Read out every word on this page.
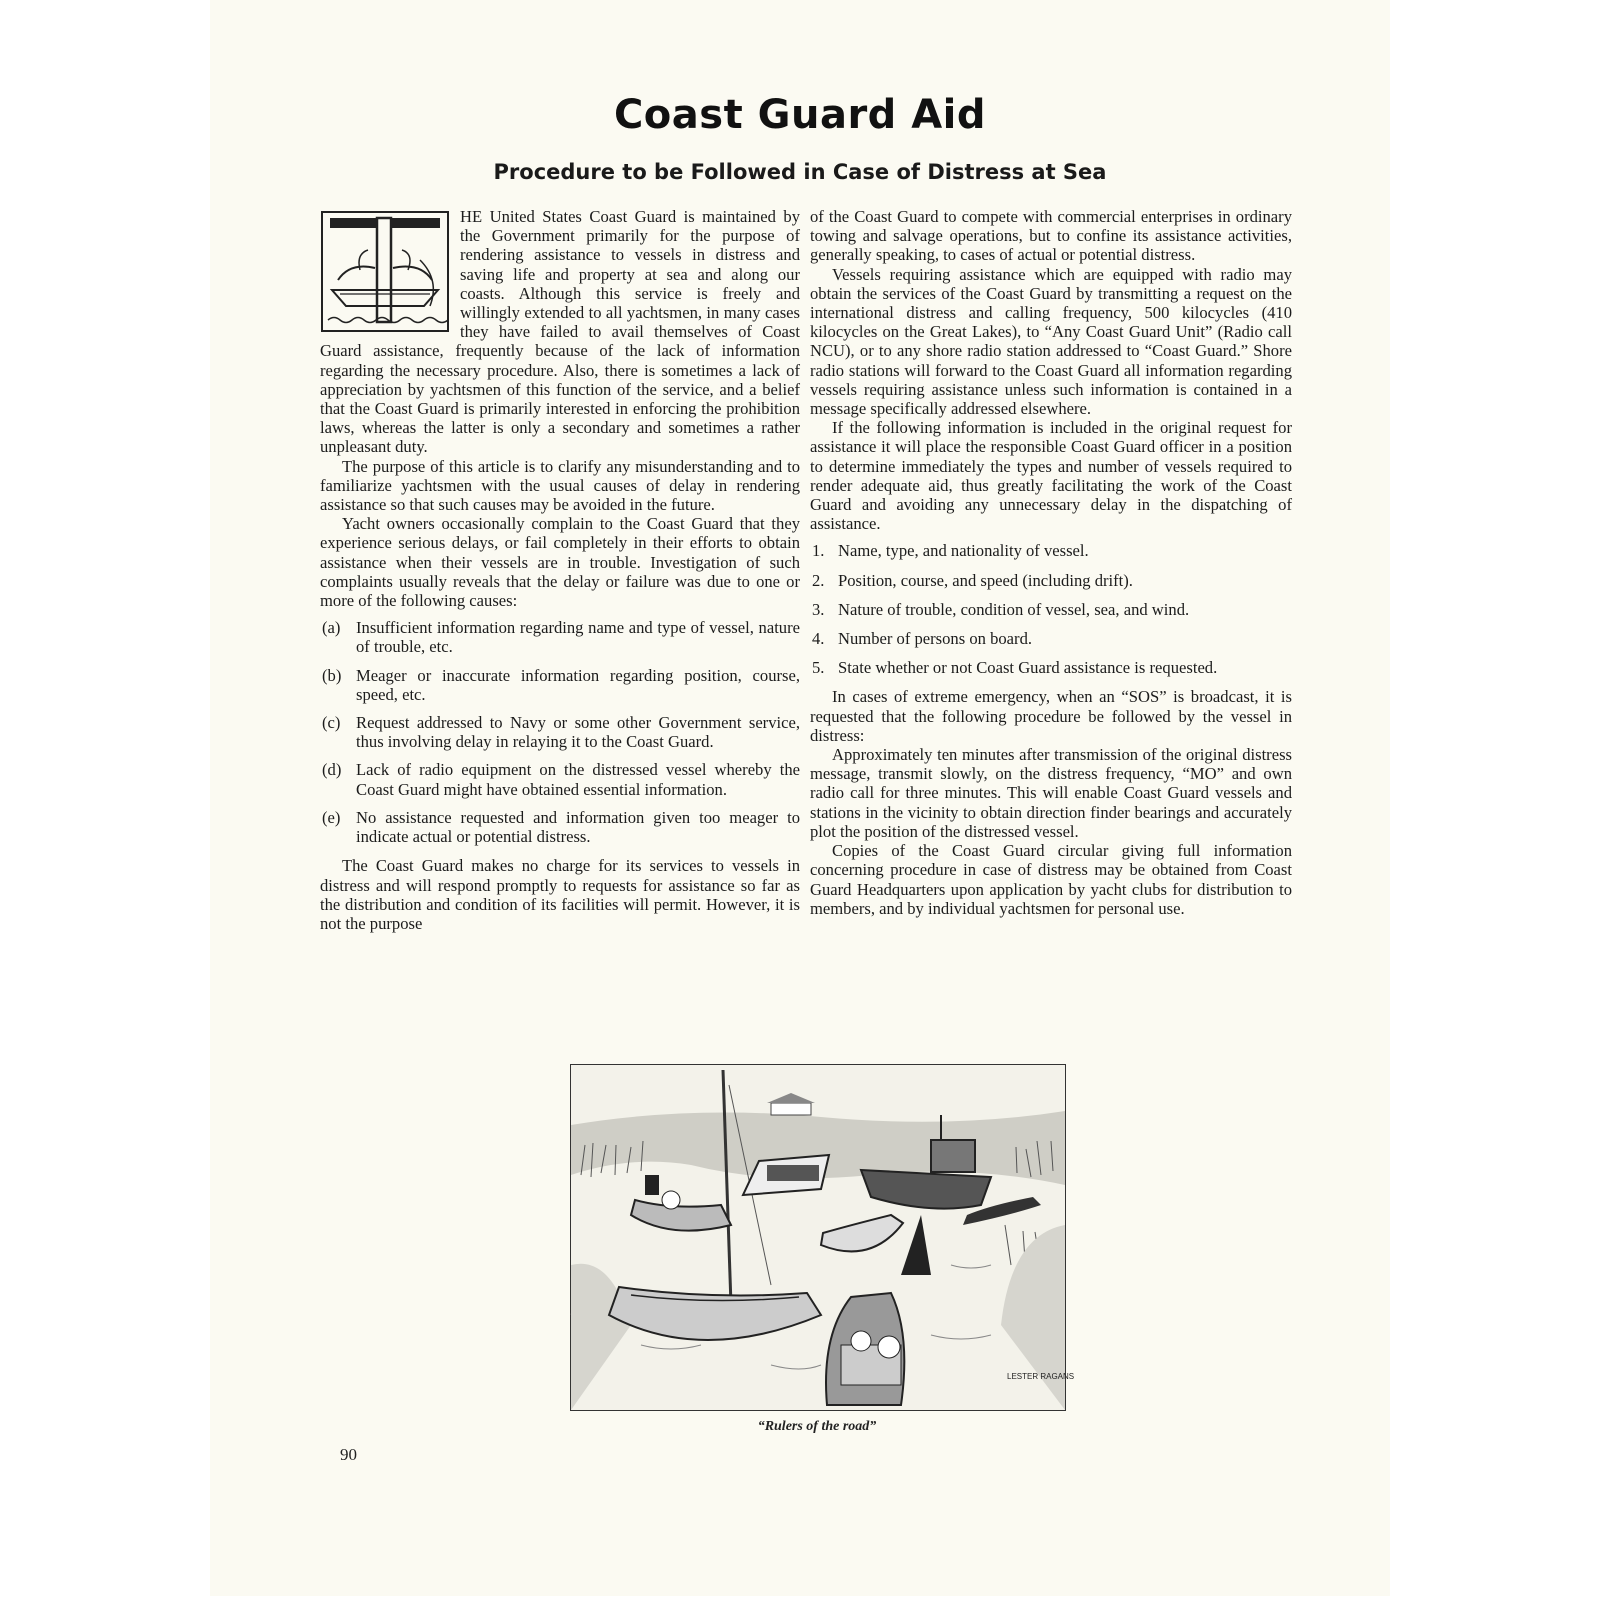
Coast Guard Aid
Procedure to be Followed in Case of Distress at Sea

HE United States Coast Guard is maintained by the Government primarily for the purpose of rendering assistance to vessels in distress and saving life and property at sea and along our coasts. Although this service is freely and willingly extended to all yachtsmen, in many cases they have failed to avail themselves of Coast Guard assistance, frequently because of the lack of information regarding the necessary procedure. Also, there is sometimes a lack of appreciation by yachtsmen of this function of the service, and a belief that the Coast Guard is primarily interested in enforcing the prohibition laws, whereas the latter is only a secondary and sometimes a rather unpleasant duty.

The purpose of this article is to clarify any misunderstanding and to familiarize yachtsmen with the usual causes of delay in rendering assistance so that such causes may be avoided in the future.

Yacht owners occasionally complain to the Coast Guard that they experience serious delays, or fail completely in their efforts to obtain assistance when their vessels are in trouble. Investigation of such complaints usually reveals that the delay or failure was due to one or more of the following causes:

(a) Insufficient information regarding name and type of vessel, nature of trouble, etc.
(b) Meager or inaccurate information regarding position, course, speed, etc.
(c) Request addressed to Navy or some other Government service, thus involving delay in relaying it to the Coast Guard.
(d) Lack of radio equipment on the distressed vessel whereby the Coast Guard might have obtained essential information.
(e) No assistance requested and information given too meager to indicate actual or potential distress.

The Coast Guard makes no charge for its services to vessels in distress and will respond promptly to requests for assistance so far as the distribution and condition of its facilities will permit. However, it is not the purpose

of the Coast Guard to compete with commercial enterprises in ordinary towing and salvage operations, but to confine its assistance activities, generally speaking, to cases of actual or potential distress.

Vessels requiring assistance which are equipped with radio may obtain the services of the Coast Guard by transmitting a request on the international distress and calling frequency, 500 kilocycles (410 kilocycles on the Great Lakes), to “Any Coast Guard Unit” (Radio call NCU), or to any shore radio station addressed to “Coast Guard.” Shore radio stations will forward to the Coast Guard all information regarding vessels requiring assistance unless such information is contained in a message specifically addressed elsewhere.

If the following information is included in the original request for assistance it will place the responsible Coast Guard officer in a position to determine immediately the types and number of vessels required to render adequate aid, thus greatly facilitating the work of the Coast Guard and avoiding any unnecessary delay in the dispatching of assistance.

1. Name, type, and nationality of vessel.
2. Position, course, and speed (including drift).
3. Nature of trouble, condition of vessel, sea, and wind.
4. Number of persons on board.
5. State whether or not Coast Guard assistance is requested.

In cases of extreme emergency, when an “SOS” is broadcast, it is requested that the following procedure be followed by the vessel in distress:

Approximately ten minutes after transmission of the original distress message, transmit slowly, on the distress frequency, “MO” and own radio call for three minutes. This will enable Coast Guard vessels and stations in the vicinity to obtain direction finder bearings and accurately plot the position of the distressed vessel.

Copies of the Coast Guard circular giving full information concerning procedure in case of distress may be obtained from Coast Guard Headquarters upon application by yacht clubs for distribution to members, and by individual yachtsmen for personal use.

LESTER RAGANS
“Rulers of the road”
90
